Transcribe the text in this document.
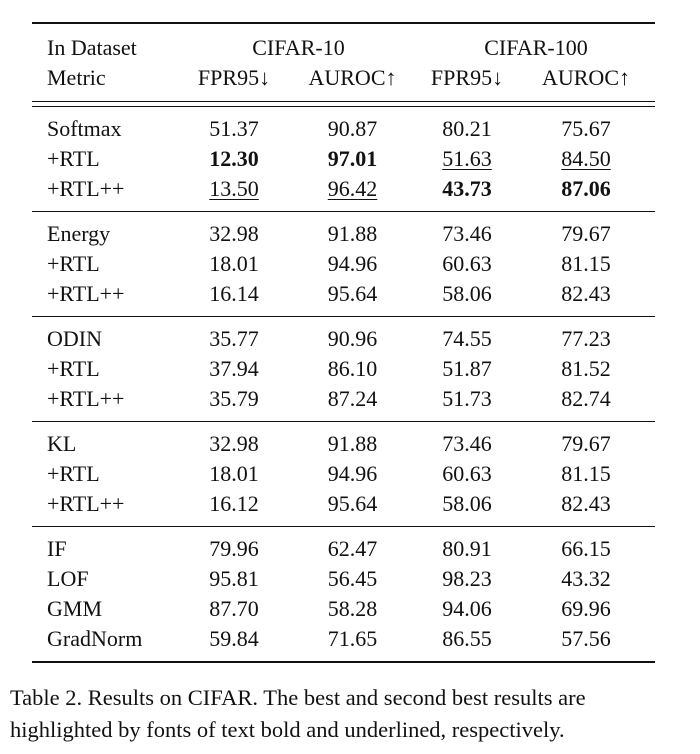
In Dataset	CIFAR-10		CIFAR-100	
Metric	FPR95↓	AUROC↑	FPR95↓	AUROC↑

Softmax	51.37	90.87	80.21	75.67
+RTL	12.30	97.01	51.63	84.50
+RTL++	13.50	96.42	43.73	87.06
Energy	32.98	91.88	73.46	79.67
+RTL	18.01	94.96	60.63	81.15
+RTL++	16.14	95.64	58.06	82.43
ODIN	35.77	90.96	74.55	77.23
+RTL	37.94	86.10	51.87	81.52
+RTL++	35.79	87.24	51.73	82.74
KL	32.98	91.88	73.46	79.67
+RTL	18.01	94.96	60.63	81.15
+RTL++	16.12	95.64	58.06	82.43
IF	79.96	62.47	80.91	66.15
LOF	95.81	56.45	98.23	43.32
GMM	87.70	58.28	94.06	69.96
GradNorm	59.84	71.65	86.55	57.56
Table 2. Results on CIFAR. The best and second best results are
highlighted by fonts of text bold and underlined, respectively.
